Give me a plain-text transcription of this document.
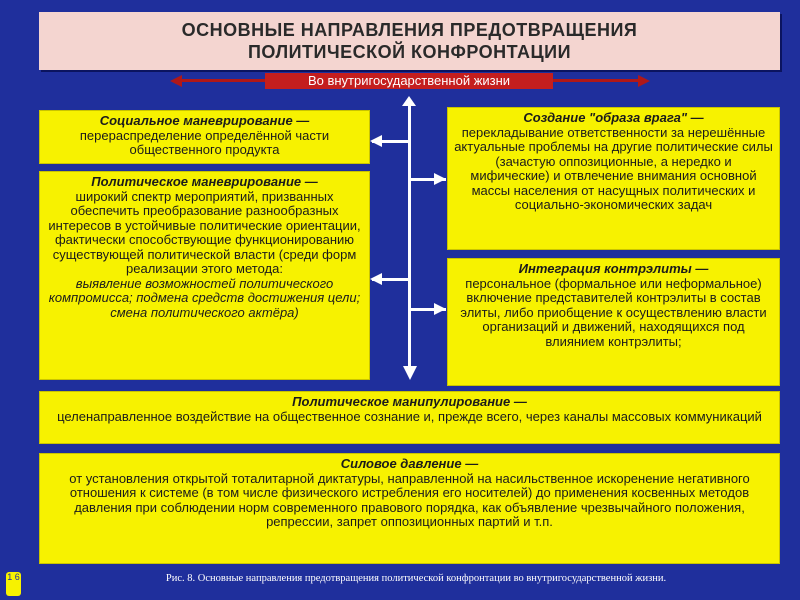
ОСНОВНЫЕ НАПРАВЛЕНИЯ ПРЕДОТВРАЩЕНИЯ
ПОЛИТИЧЕСКОЙ КОНФРОНТАЦИИ
Во внутригосударственной жизни
Социальное маневрирование —
перераспределение определённой части общественного продукта
Политическое маневрирование —
широкий спектр мероприятий, призванных обеспечить преобразование разнообразных интересов в устойчивые политические ориентации, фактически способствующие функционированию существующей политической власти (среди форм реализации этого метода:
выявление возможностей политического компромисса; подмена средств достижения цели; смена политического актёра)
Создание "образа врага" —
перекладывание ответственности за нерешённые актуальные проблемы на другие политические силы (зачастую оппозиционные, а нередко и мифические) и отвлечение внимания основной массы населения от насущных политических и социально-экономических задач
Интеграция контрэлиты —
персональное (формальное или неформальное) включение представителей контрэлиты в состав элиты, либо приобщение к осуществлению власти организаций и движений, находящихся под влиянием контрэлиты;
Политическое манипулирование —
целенаправленное воздействие на общественное сознание и, прежде всего, через каналы массовых коммуникаций
Силовое давление —
от установления открытой тоталитарной диктатуры, направленной на насильственное искоренение негативного отношения к системе (в том числе физического истребления его носителей) до применения косвенных методов давления при соблюдении норм современного правового порядка, как объявление чрезвычайного положения, репрессии, запрет оппозиционных партий и т.п.
1 6	Рис. 8. Основные направления предотвращения политической конфронтации во внутригосударственной жизни.
